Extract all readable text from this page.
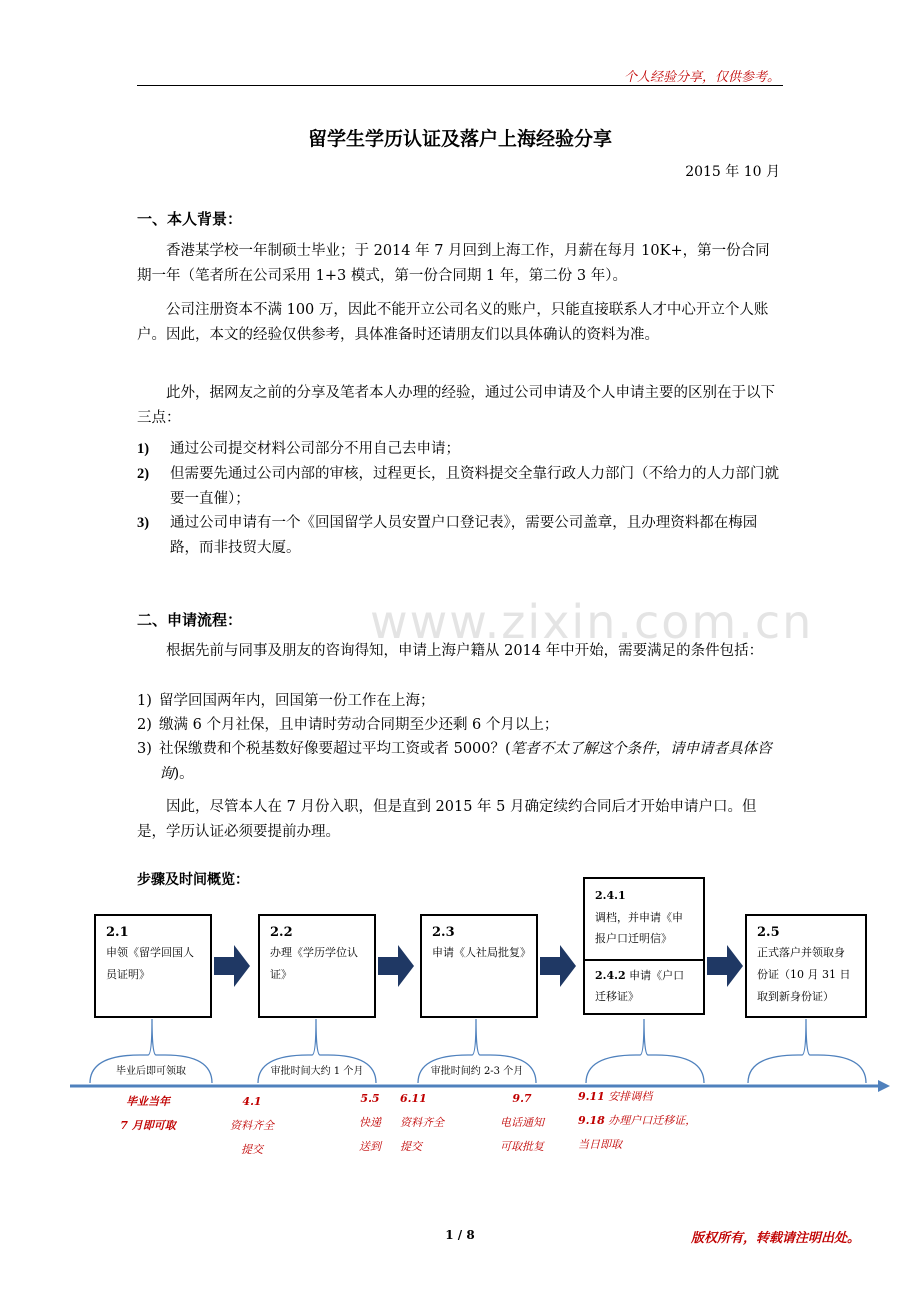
个人经验分享，仅供参考。
留学生学历认证及落户上海经验分享
2015 年 10 月
一、本人背景：
香港某学校一年制硕士毕业；于 2014 年 7 月回到上海工作，月薪在每月 10K+，第一份合同期一年（笔者所在公司采用 1+3 模式，第一份合同期 1 年，第二份 3 年）。
公司注册资本不满 100 万，因此不能开立公司名义的账户，只能直接联系人才中心开立个人账户。因此，本文的经验仅供参考，具体准备时还请朋友们以具体确认的资料为准。
此外，据网友之前的分享及笔者本人办理的经验，通过公司申请及个人申请主要的区别在于以下三点：
1) 通过公司提交材料公司部分不用自己去申请；
2) 但需要先通过公司内部的审核，过程更长，且资料提交全靠行政人力部门（不给力的人力部门就要一直催）；
3) 通过公司申请有一个《回国留学人员安置户口登记表》，需要公司盖章，且办理资料都在梅园路，而非技贸大厦。
www.zixin.com.cn
二、申请流程：
根据先前与同事及朋友的咨询得知，申请上海户籍从 2014 年中开始，需要满足的条件包括：
1) 留学回国两年内，回国第一份工作在上海；
2) 缴满 6 个月社保，且申请时劳动合同期至少还剩 6 个月以上；
3) 社保缴费和个税基数好像要超过平均工资或者 5000？(笔者不太了解这个条件，请申请者具体咨询)。
因此，尽管本人在 7 月份入职，但是直到 2015 年 5 月确定续约合同后才开始申请户口。但是，学历认证必须要提前办理。
步骤及时间概览：
2.1
申领《留学回国人员证明》
2.2
办理《学历学位认证》
2.3
申请《人社局批复》
2.4.1
调档，并申请《申报户口迁明信》
2.4.2 申请《户口迁移证》
2.5
正式落户并领取身份证（10 月 31 日取到新身份证）
毕业后即可领取	审批时间大约 1 个月	审批时间约 2-3 个月
毕业当年
7 月即可取
4.1
资料齐全
提交
5.5
快递
送到
6.11
资料齐全
提交
9.7
电话通知
可取批复
9.11 安排调档
9.18 办理户口迁移证，
当日即取
1 / 8	版权所有，转载请注明出处。
